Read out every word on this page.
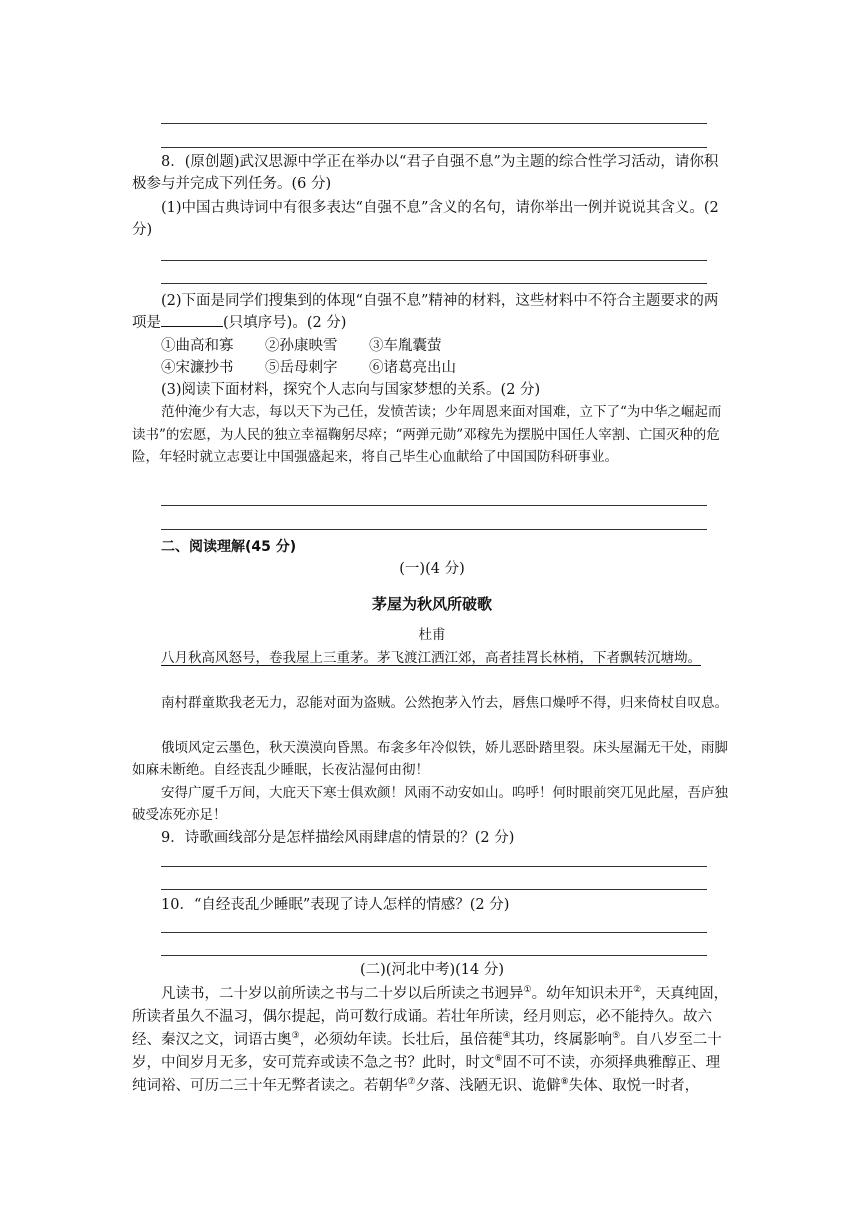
8．(原创题)武汉思源中学正在举办以“君子自强不息”为主题的综合性学习活动，请你积极参与并完成下列任务。(6 分)

(1)中国古典诗词中有很多表达“自强不息”含义的名句，请你举出一例并说说其含义。(2 分)

(2)下面是同学们搜集到的体现“自强不息”精神的材料，这些材料中不符合主题要求的两项是	(只填序号)。(2 分)

①曲高和寡 ②孙康映雪 ③车胤囊萤
④宋濂抄书 ⑤岳母刺字 ⑥诸葛亮出山

(3)阅读下面材料，探究个人志向与国家梦想的关系。(2 分)

范仲淹少有大志，每以天下为己任，发愤苦读；少年周恩来面对国难，立下了“为中华之崛起而读书”的宏愿，为人民的独立幸福鞠躬尽瘁；“两弹元勋”邓稼先为摆脱中国任人宰割、亡国灭种的危险，年轻时就立志要让中国强盛起来，将自己毕生心血献给了中国国防科研事业。

二、阅读理解(45 分)

(一)(4 分)

茅屋为秋风所破歌

杜甫

八月秋高风怒号，卷我屋上三重茅。茅飞渡江洒江郊，高者挂罥长林梢，下者飘转沉塘坳。

南村群童欺我老无力，忍能对面为盗贼。公然抱茅入竹去，唇焦口燥呼不得，归来倚杖自叹息。

俄顷风定云墨色，秋天漠漠向昏黑。布衾多年冷似铁，娇儿恶卧踏里裂。床头屋漏无干处，雨脚如麻未断绝。自经丧乱少睡眠，长夜沾湿何由彻！

安得广厦千万间，大庇天下寒士俱欢颜！风雨不动安如山。呜呼！何时眼前突兀见此屋，吾庐独破受冻死亦足！

9．诗歌画线部分是怎样描绘风雨肆虐的情景的？(2 分)

10．“自经丧乱少睡眠”表现了诗人怎样的情感？(2 分)

(二)(河北中考)(14 分)

凡读书，二十岁以前所读之书与二十岁以后所读之书迥异①。幼年知识未开②，天真纯固，所读者虽久不温习，偶尔提起，尚可数行成诵。若壮年所读，经月则忘，必不能持久。故六经、秦汉之文，词语古奥③，必须幼年读。长壮后，虽倍蓰④其功，终属影响⑤。自八岁至二十岁，中间岁月无多，安可荒弃或读不急之书？此时，时文⑥固不可不读，亦须择典雅醇正、理纯词裕、可历二三十年无弊者读之。若朝华⑦夕落、浅陋无识、诡僻⑧失体、取悦一时者，
